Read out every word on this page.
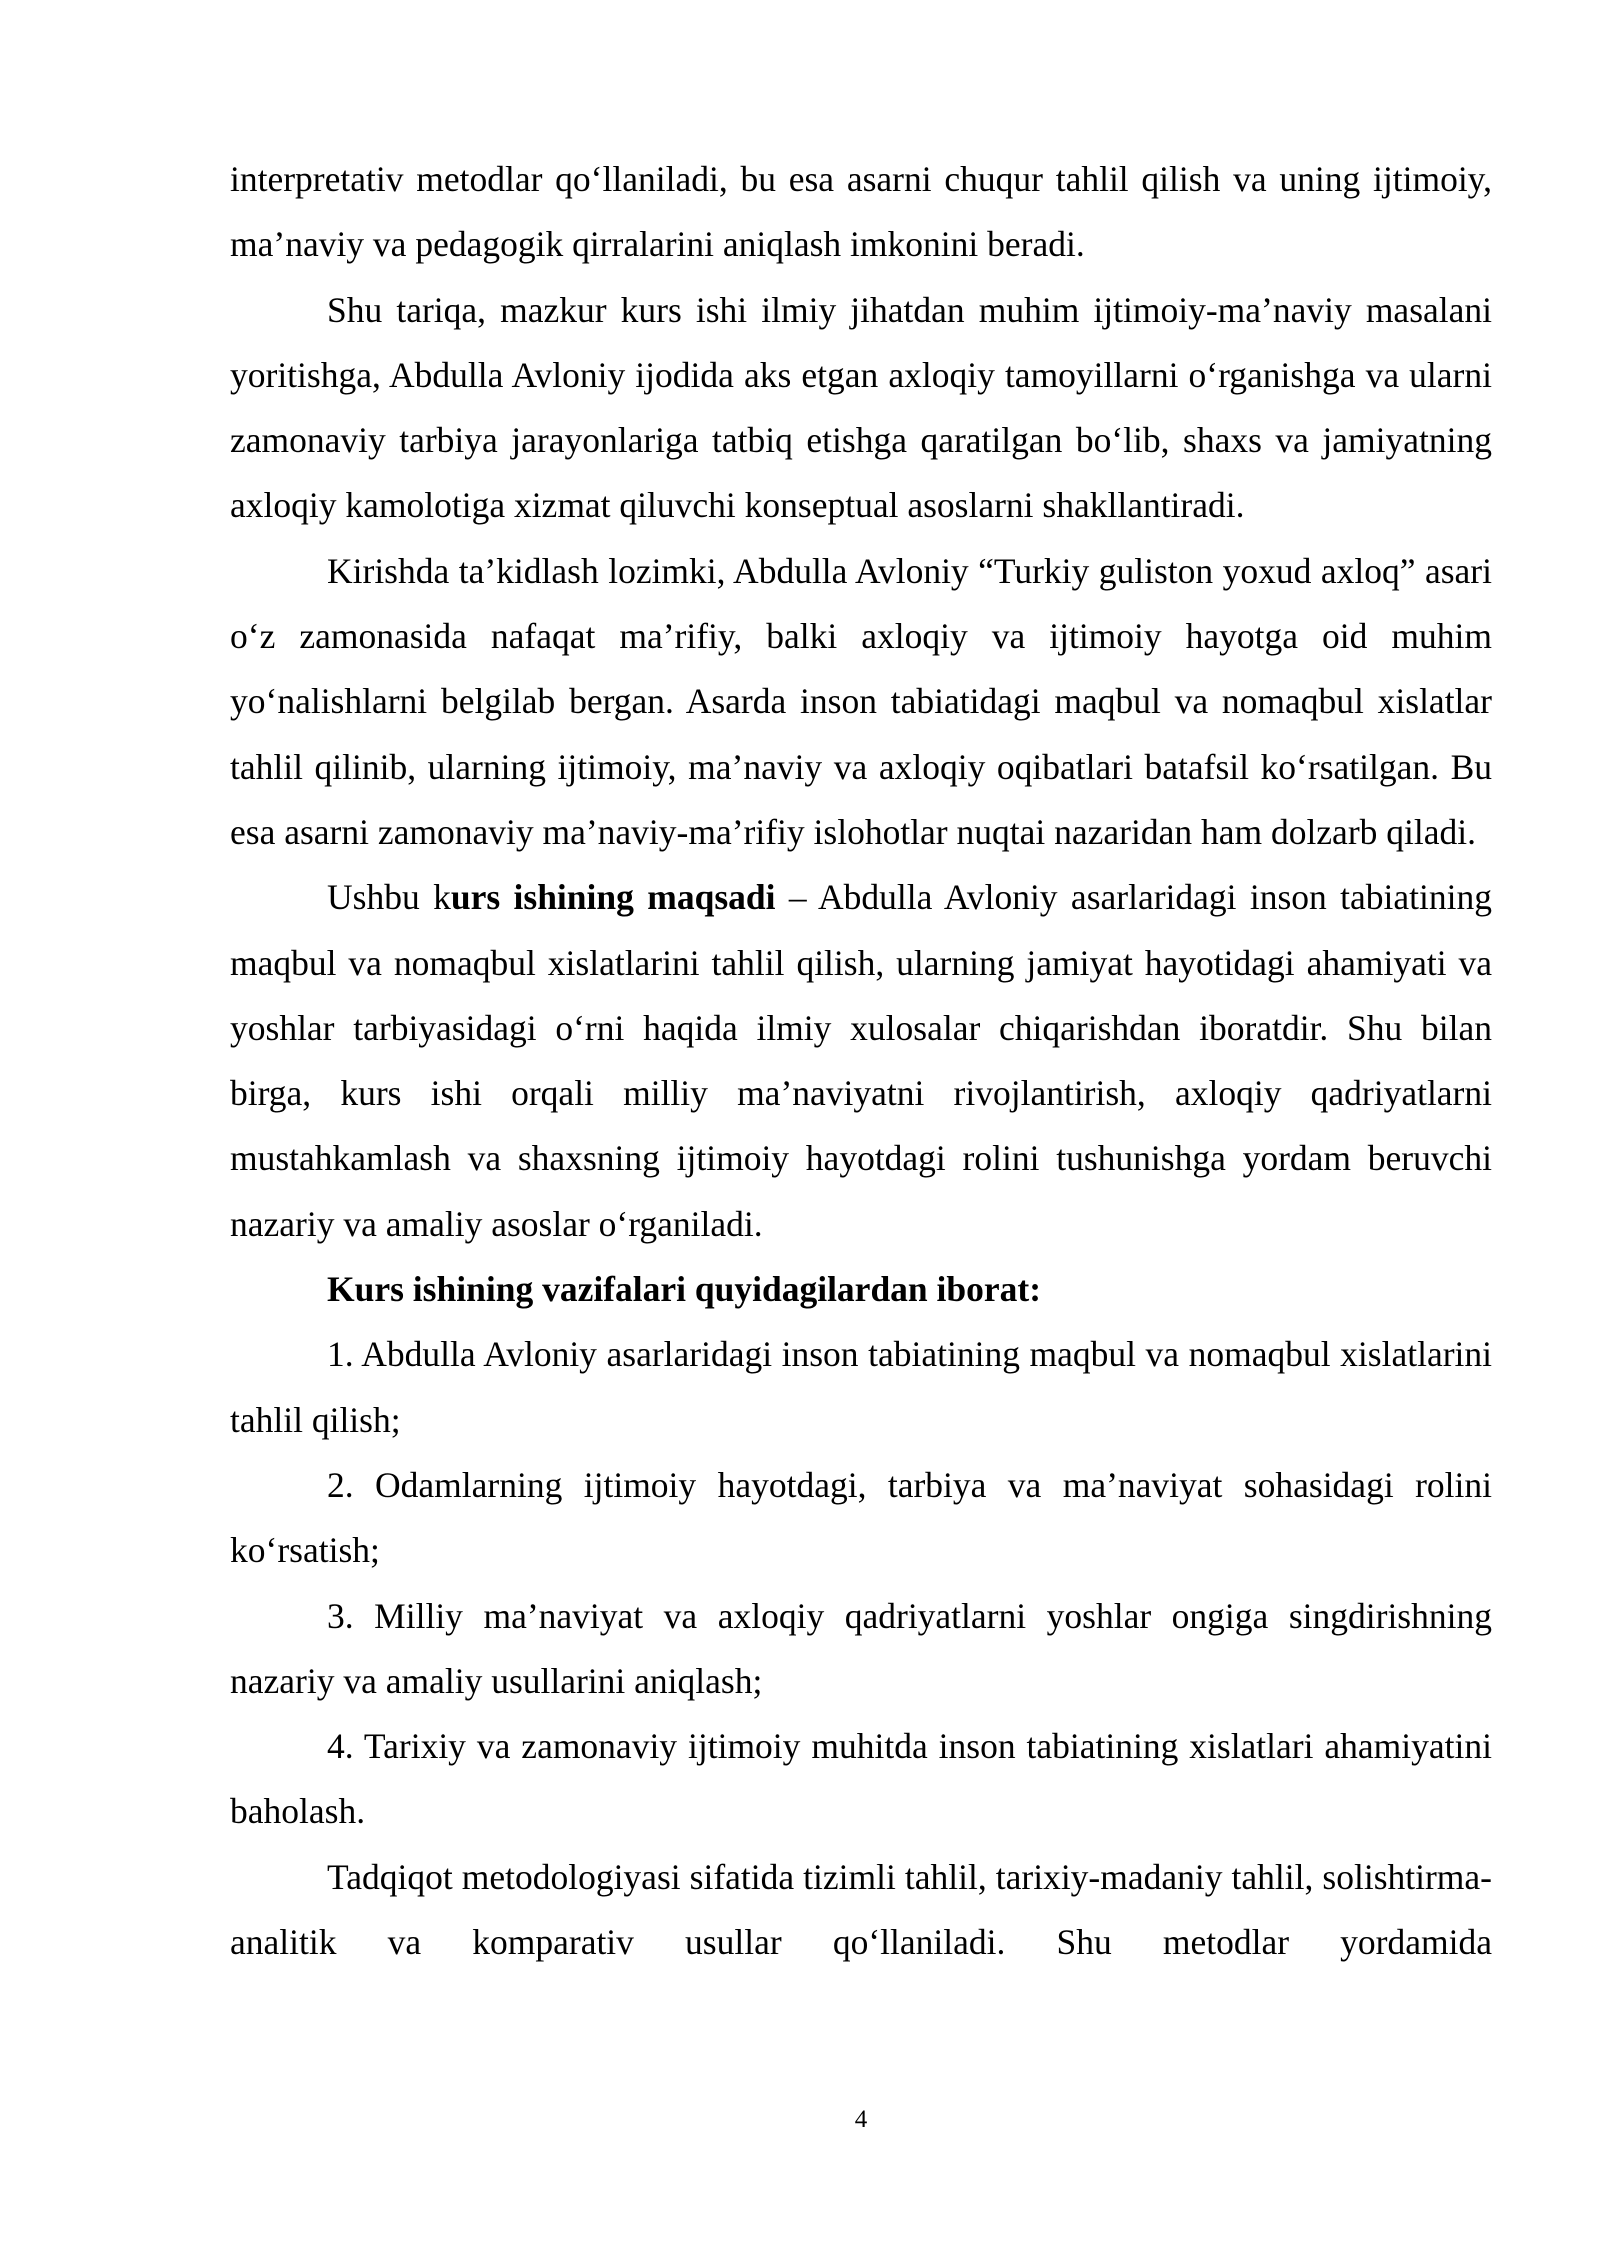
interpretativ metodlar qo‘llaniladi, bu esa asarni chuqur tahlil qilish va uning ijtimoiy, ma’naviy va pedagogik qirralarini aniqlash imkonini beradi.

Shu tariqa, mazkur kurs ishi ilmiy jihatdan muhim ijtimoiy-ma’naviy masalani yoritishga, Abdulla Avloniy ijodida aks etgan axloqiy tamoyillarni o‘rganishga va ularni zamonaviy tarbiya jarayonlariga tatbiq etishga qaratilgan bo‘lib, shaxs va jamiyatning axloqiy kamolotiga xizmat qiluvchi konseptual asoslarni shakllantiradi.

Kirishda ta’kidlash lozimki, Abdulla Avloniy “Turkiy guliston yoxud axloq” asari o‘z zamonasida nafaqat ma’rifiy, balki axloqiy va ijtimoiy hayotga oid muhim yo‘nalishlarni belgilab bergan. Asarda inson tabiatidagi maqbul va nomaqbul xislatlar tahlil qilinib, ularning ijtimoiy, ma’naviy va axloqiy oqibatlari batafsil ko‘rsatilgan. Bu esa asarni zamonaviy ma’naviy-ma’rifiy islohotlar nuqtai nazaridan ham dolzarb qiladi.

Ushbu kurs ishining maqsadi – Abdulla Avloniy asarlaridagi inson tabiatining maqbul va nomaqbul xislatlarini tahlil qilish, ularning jamiyat hayotidagi ahamiyati va yoshlar tarbiyasidagi o‘rni haqida ilmiy xulosalar chiqarishdan iboratdir. Shu bilan birga, kurs ishi orqali milliy ma’naviyatni rivojlantirish, axloqiy qadriyatlarni mustahkamlash va shaxsning ijtimoiy hayotdagi rolini tushunishga yordam beruvchi nazariy va amaliy asoslar o‘rganiladi.

Kurs ishining vazifalari quyidagilardan iborat:

1. Abdulla Avloniy asarlaridagi inson tabiatining maqbul va nomaqbul xislatlarini tahlil qilish;

2. Odamlarning ijtimoiy hayotdagi, tarbiya va ma’naviyat sohasidagi rolini ko‘rsatish;

3. Milliy ma’naviyat va axloqiy qadriyatlarni yoshlar ongiga singdirishning nazariy va amaliy usullarini aniqlash;

4. Tarixiy va zamonaviy ijtimoiy muhitda inson tabiatining xislatlari ahamiyatini baholash.

Tadqiqot metodologiyasi sifatida tizimli tahlil, tarixiy-madaniy tahlil, solishtirma-analitik va komparativ usullar qo‘llaniladi. Shu metodlar yordamida

4
